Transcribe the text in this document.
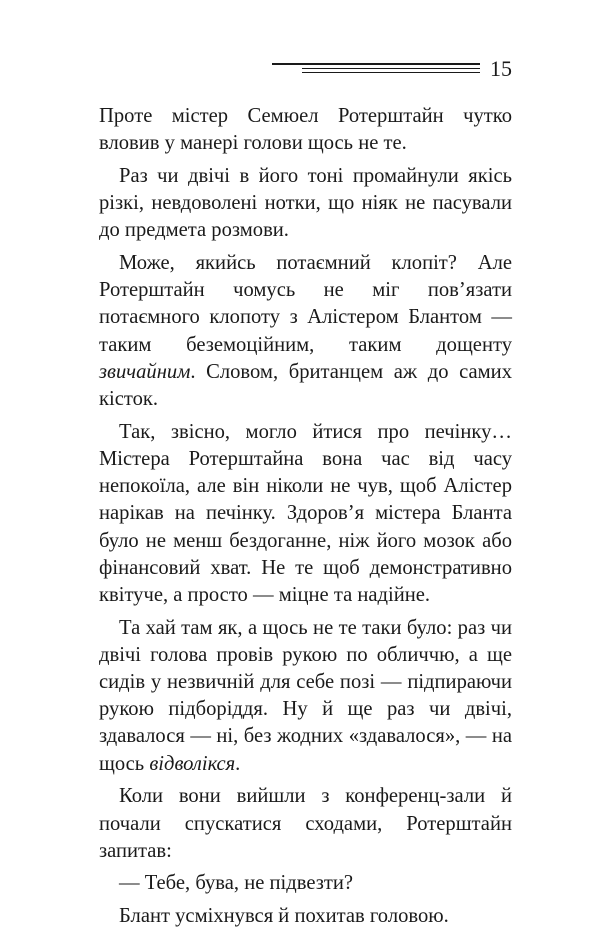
15

Проте містер Семюел Ротерштайн чутко вловив у манері голови щось не те.

Раз чи двічі в його тоні промайнули якісь різкі, невдоволені нотки, що ніяк не пасували до предмета розмови.

Може, якийсь потаємний клопіт? Але Ротерштайн чомусь не міг пов’язати потаємного клопоту з Алістером Блантом — таким беземоційним, таким дощенту звичайним. Словом, британцем аж до самих кісток.

Так, звісно, могло йтися про печінку… Містера Ротерштайна вона час від часу непокоїла, але він ніколи не чув, щоб Алістер нарікав на печінку. Здоров’я містера Бланта було не менш бездоганне, ніж його мозок або фінансовий хват. Не те щоб демонстративно квітуче, а просто — міцне та надійне.

Та хай там як, а щось не те таки було: раз чи двічі голова провів рукою по обличчю, а ще сидів у незвичній для себе позі — підпираючи рукою підборіддя. Ну й ще раз чи двічі, здавалося — ні, без жодних «здавалося», — на щось відволікся.

Коли вони вийшли з конференц-зали й почали спускатися сходами, Ротерштайн запитав:

— Тебе, бува, не підвезти?

Блант усміхнувся й похитав головою.
